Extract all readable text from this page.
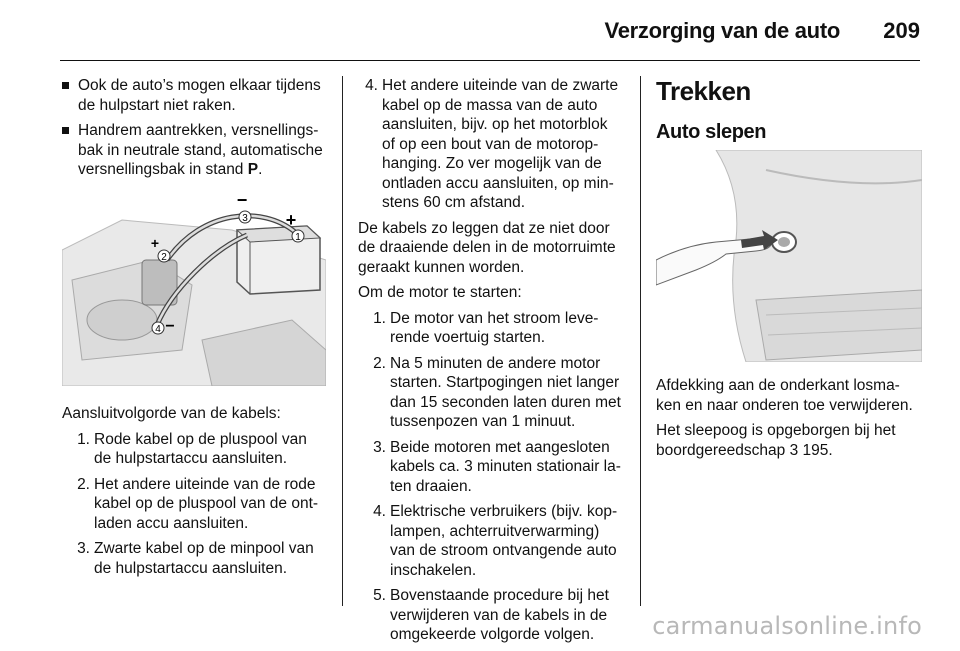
Verzorging van de auto 209
Ook de auto’s mogen elkaar tijdens de hulpstart niet raken.
Handrem aantrekken, versnellings-bak in neutrale stand, automatische versnellingsbak in stand P.
1
+
2
+
3
−
4 −

Aansluitvolgorde van de kabels:

1. Rode kabel op de pluspool van de hulpstartaccu aansluiten.
2. Het andere uiteinde van de rode kabel op de pluspool van de ont-laden accu aansluiten.
3. Zwarte kabel op de minpool van de hulpstartaccu aansluiten.
4. Het andere uiteinde van de zwarte kabel op de massa van de auto aansluiten, bijv. op het motorblok of op een bout van de motorop-hanging. Zo ver mogelijk van de ontladen accu aansluiten, op min-stens 60 cm afstand.

De kabels zo leggen dat ze niet door de draaiende delen in de motorruimte geraakt kunnen worden.

Om de motor te starten:

1. De motor van het stroom leve-rende voertuig starten.
2. Na 5 minuten de andere motor starten. Startpogingen niet langer dan 15 seconden laten duren met tussenpozen van 1 minuut.
3. Beide motoren met aangesloten kabels ca. 3 minuten stationair la-ten draaien.
4. Elektrische verbruikers (bijv. kop-lampen, achterruitverwarming) van de stroom ontvangende auto inschakelen.
5. Bovenstaande procedure bij het verwijderen van de kabels in de omgekeerde volgorde volgen.
Trekken
Auto slepen

Afdekking aan de onderkant losma-ken en naar onderen toe verwijderen.

Het sleepoog is opgeborgen bij het boordgereedschap 3 195.

carmanualsonline.info
